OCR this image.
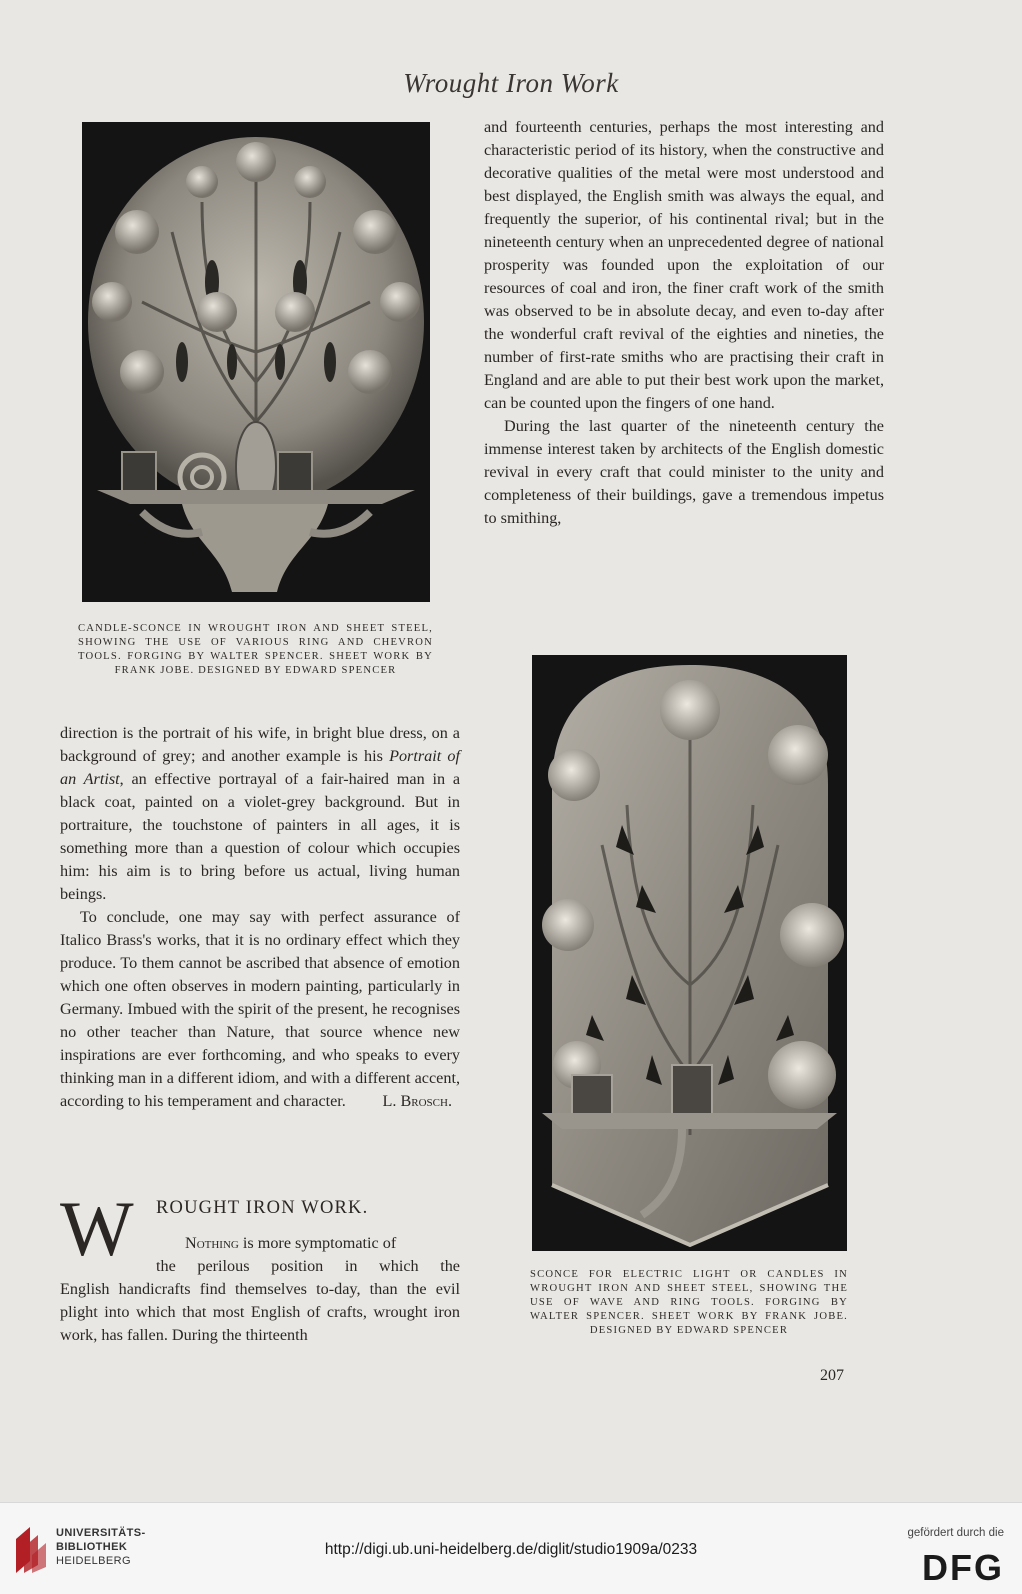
Wrought Iron Work
CANDLE-SCONCE IN WROUGHT IRON AND SHEET STEEL, SHOWING THE USE OF VARIOUS RING AND CHEVRON TOOLS. FORGING BY WALTER SPENCER. SHEET WORK BY FRANK JOBE. DESIGNED BY EDWARD SPENCER

direction is the portrait of his wife, in bright blue dress, on a background of grey; and another example is his Portrait of an Artist, an effective portrayal of a fair-haired man in a black coat, painted on a violet-grey background. But in portraiture, the touchstone of painters in all ages, it is something more than a question of colour which occupies him: his aim is to bring before us actual, living human beings.

To conclude, one may say with perfect assurance of Italico Brass's works, that it is no ordinary effect which they produce. To them cannot be ascribed that absence of emotion which one often observes in modern painting, particularly in Germany. Imbued with the spirit of the present, he recognises no other teacher than Nature, that source whence new inspirations are ever forthcoming, and who speaks to every thinking man in a different idiom, and with a different accent, according to his temperament and character.	L. Brosch.

W ROUGHT IRON WORK.
Nothing is more symptomatic of
the perilous position in which the
English handicrafts find themselves to-day, than the evil plight into which that most English of crafts, wrought iron work, has fallen. During the thirteenth

and fourteenth centuries, perhaps the most interesting and characteristic period of its history, when the constructive and decorative qualities of the metal were most understood and best displayed, the English smith was always the equal, and frequently the superior, of his continental rival; but in the nineteenth century when an unprecedented degree of national prosperity was founded upon the exploitation of our resources of coal and iron, the finer craft work of the smith was observed to be in absolute decay, and even to-day after the wonderful craft revival of the eighties and nineties, the number of first-rate smiths who are practising their craft in England and are able to put their best work upon the market, can be counted upon the fingers of one hand.

During the last quarter of the nineteenth century the immense interest taken by architects of the English domestic revival in every craft that could minister to the unity and completeness of their buildings, gave a tremendous impetus to smithing,

SCONCE FOR ELECTRIC LIGHT OR CANDLES IN WROUGHT IRON AND SHEET STEEL, SHOWING THE USE OF WAVE AND RING TOOLS. FORGING BY WALTER SPENCER. SHEET WORK BY FRANK JOBE. DESIGNED BY EDWARD SPENCER
207
UNIVERSITÄTS-
BIBLIOTHEK
HEIDELBERG
http://digi.ub.uni-heidelberg.de/diglit/studio1909a/0233
gefördert durch die
DFG
